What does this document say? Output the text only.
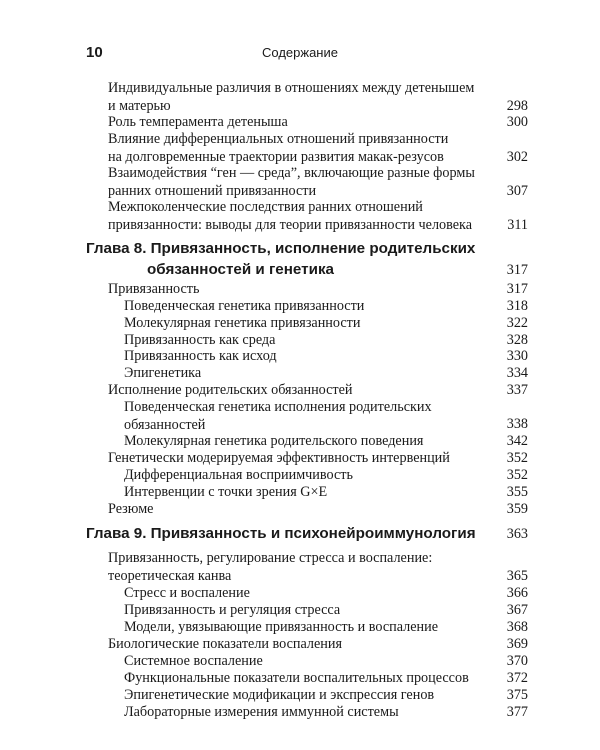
10	Содержание
Индивидуальные различия в отношениях между детенышем
и матерью	298
Роль темперамента детеныша	300
Влияние дифференциальных отношений привязанности
на долговременные траектории развития макак-резусов	302
Взаимодействия “ген — среда”, включающие разные формы
ранних отношений привязанности	307
Межпоколенческие последствия ранних отношений
привязанности: выводы для теории привязанности человека 311
Глава 8. Привязанность, исполнение родительских
обязанностей и генетика	317
Привязанность	317
Поведенческая генетика привязанности	318
Молекулярная генетика привязанности	322
Привязанность как среда	328
Привязанность как исход	330
Эпигенетика	334
Исполнение родительских обязанностей	337
Поведенческая генетика исполнения родительских
обязанностей	338
Молекулярная генетика родительского поведения	342
Генетически модерируемая эффективность интервенций	352
Дифференциальная восприимчивость	352
Интервенции с точки зрения G×E	355
Резюме	359
Глава 9. Привязанность и психонейроиммунология 363
Привязанность, регулирование стресса и воспаление:
теоретическая канва	365
Стресс и воспаление	366
Привязанность и регуляция стресса	367
Модели, увязывающие привязанность и воспаление	368
Биологические показатели воспаления	369
Системное воспаление	370
Функциональные показатели воспалительных процессов	372
Эпигенетические модификации и экспрессия генов	375
Лабораторные измерения иммунной системы	377
